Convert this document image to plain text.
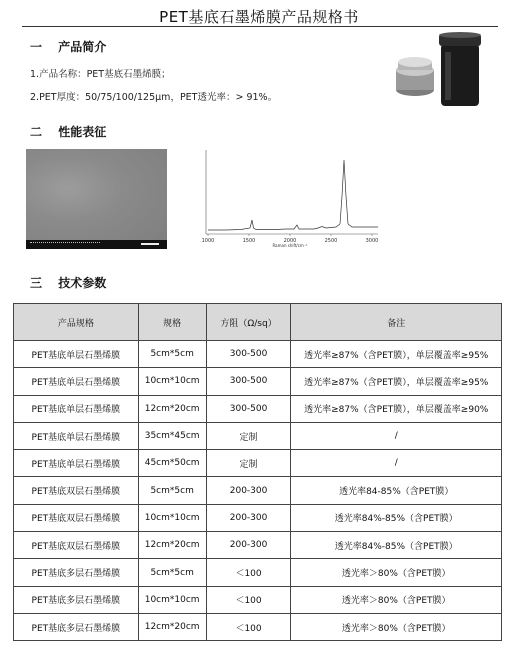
PET基底石墨烯膜产品规格书
一 产品简介
1.产品名称：PET基底石墨烯膜；
2.PET厚度：50/75/100/125μm，PET透光率：> 91%。
二 性能表征
1000	1500	2000	2500	3000
Raman shift/cm⁻¹
三 技术参数
产品规格	规格	方阻（Ω/sq）	备注
PET基底单层石墨烯膜	5cm*5cm	300-500	透光率≥87%（含PET膜），单层覆盖率≥95%
PET基底单层石墨烯膜	10cm*10cm	300-500	透光率≥87%（含PET膜），单层覆盖率≥95%
PET基底单层石墨烯膜	12cm*20cm	300-500	透光率≥87%（含PET膜），单层覆盖率≥90%
PET基底单层石墨烯膜	35cm*45cm	定制	/
PET基底单层石墨烯膜	45cm*50cm	定制	/
PET基底双层石墨烯膜	5cm*5cm	200-300	透光率84-85%（含PET膜）
PET基底双层石墨烯膜	10cm*10cm	200-300	透光率84%-85%（含PET膜）
PET基底双层石墨烯膜	12cm*20cm	200-300	透光率84%-85%（含PET膜）
PET基底多层石墨烯膜	5cm*5cm	＜100	透光率＞80%（含PET膜）
PET基底多层石墨烯膜	10cm*10cm	＜100	透光率＞80%（含PET膜）
PET基底多层石墨烯膜	12cm*20cm	＜100	透光率＞80%（含PET膜）
